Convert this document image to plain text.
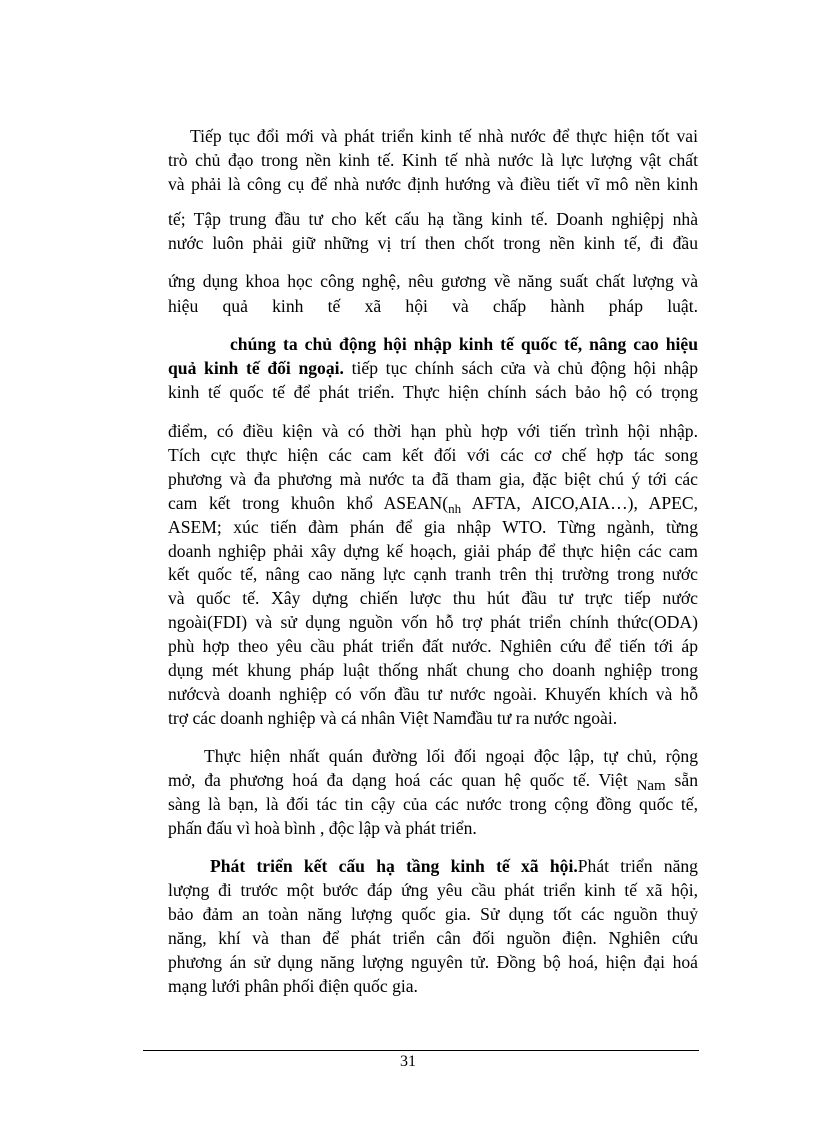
Tiếp tục đổi mới và phát triển kinh tế nhà nước để thực hiện tốt vai
trò chủ đạo trong nền kinh tế. Kinh tế nhà nước là lực lượng vật chất
và phải là công cụ để nhà nước định hướng và điều tiết vĩ mô nền kinh
tế; Tập trung đầu tư cho kết cấu hạ tầng kinh tế. Doanh nghiệpj nhà
nước luôn phải giữ những vị trí then chốt trong nền kinh tế, đi đầu
ứng dụng khoa học công nghệ, nêu gương về năng suất chất lượng và
hiệu quả kinh tế xã hội và chấp hành pháp luật.
chúng ta chủ động hội nhập kinh tế quốc tế, nâng cao hiệu
quả kinh tế đối ngoại. tiếp tục chính sách cửa và chủ động hội nhập
kinh tế quốc tế để phát triển. Thực hiện chính sách bảo hộ có trọng
điểm, có điều kiện và có thời hạn phù hợp với tiến trình hội nhập.
Tích cực thực hiện các cam kết đối với các cơ chế hợp tác song
phương và đa phương mà nước ta đã tham gia, đặc biệt chú ý tới các
cam kết trong khuôn khổ $ASEAN(_{nh}$ AFTA, AICO,AIA…), APEC,
ASEM; xúc tiến đàm phán để gia nhập WTO. Từng ngành, từng
doanh nghiệp phải xây dựng kế hoạch, giải pháp để thực hiện các cam
kết quốc tế, nâng cao năng lực cạnh tranh trên thị trường trong nước
và quốc tế. Xây dựng chiến lược thu hút đầu tư trực tiếp nước
ngoài(FDI) và sử dụng nguồn vốn hỗ trợ phát triển chính thức(ODA)
phù hợp theo yêu cầu phát triển đất nước. Nghiên cứu để tiến tới áp
dụng mét khung pháp luật thống nhất chung cho doanh nghiệp trong
nướcvà doanh nghiệp có vốn đầu tư nước ngoài. Khuyến khích và hỗ
trợ các doanh nghiệp và cá nhân Việt Namđầu tư ra nước ngoài.
Thực hiện nhất quán đường lối đối ngoại độc lập, tự chủ, rộng
mở, đa phương hoá đa dạng hoá các quan hệ quốc tế. Việt Nam sẵn
sàng là bạn, là đối tác tin cậy của các nước trong cộng đồng quốc tế,
phấn đấu vì hoà bình , độc lập và phát triển.
Phát triển kết cấu hạ tầng kinh tế xã hội.Phát triển năng
lượng đi trước một bước đáp ứng yêu cầu phát triển kinh tế xã hội,
bảo đảm an toàn năng lượng quốc gia. Sử dụng tốt các nguồn thuỷ
năng, khí và than để phát triển cân đối nguồn điện. Nghiên cứu
phương án sử dụng năng lượng nguyên tử. Đồng bộ hoá, hiện đại hoá
mạng lưới phân phối điện quốc gia.
31
